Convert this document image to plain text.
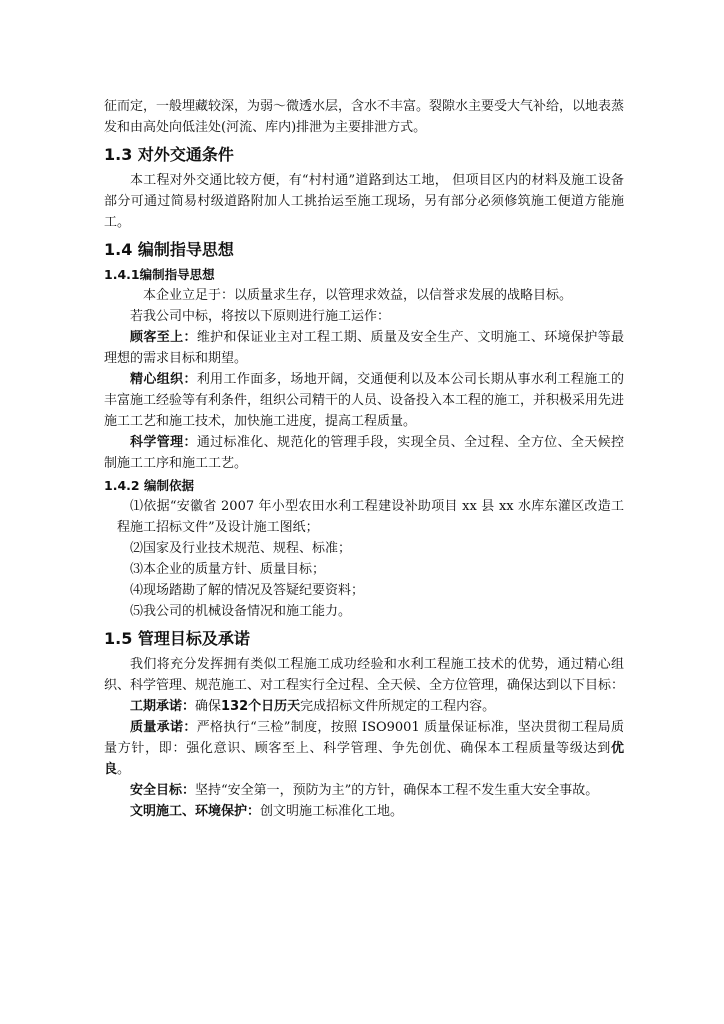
征而定，一般埋藏较深，为弱～微透水层，含水不丰富。裂隙水主要受大气补给，以地表蒸发和由高处向低洼处(河流、库内)排泄为主要排泄方式。

1.3 对外交通条件

本工程对外交通比较方便，有“村村通”道路到达工地， 但项目区内的材料及施工设备部分可通过简易村级道路附加人工挑抬运至施工现场，另有部分必须修筑施工便道方能施工。

1.4 编制指导思想
1.4.1编制指导思想

本企业立足于：以质量求生存，以管理求效益，以信誉求发展的战略目标。

若我公司中标，将按以下原则进行施工运作：

顾客至上：维护和保证业主对工程工期、质量及安全生产、文明施工、环境保护等最理想的需求目标和期望。

精心组织：利用工作面多，场地开阔，交通便利以及本公司长期从事水利工程施工的丰富施工经验等有利条件，组织公司精干的人员、设备投入本工程的施工，并积极采用先进施工工艺和施工技术，加快施工进度，提高工程质量。

科学管理：通过标准化、规范化的管理手段，实现全员、全过程、全方位、全天候控制施工工序和施工工艺。

1.4.2 编制依据

⑴依据“安徽省 2007 年小型农田水利工程建设补助项目 xx 县 xx 水库东灌区改造工程施工招标文件”及设计施工图纸；

⑵国家及行业技术规范、规程、标准；

⑶本企业的质量方针、质量目标；

⑷现场踏勘了解的情况及答疑纪要资料；

⑸我公司的机械设备情况和施工能力。

1.5 管理目标及承诺

我们将充分发挥拥有类似工程施工成功经验和水利工程施工技术的优势，通过精心组织、科学管理、规范施工、对工程实行全过程、全天候、全方位管理，确保达到以下目标：

工期承诺：确保132个日历天完成招标文件所规定的工程内容。

质量承诺：严格执行“三检”制度，按照 ISO9001 质量保证标准，坚决贯彻工程局质量方针，即：强化意识、顾客至上、科学管理、争先创优、确保本工程质量等级达到优良。

安全目标：坚持“安全第一，预防为主”的方针，确保本工程不发生重大安全事故。

文明施工、环境保护：创文明施工标准化工地。
